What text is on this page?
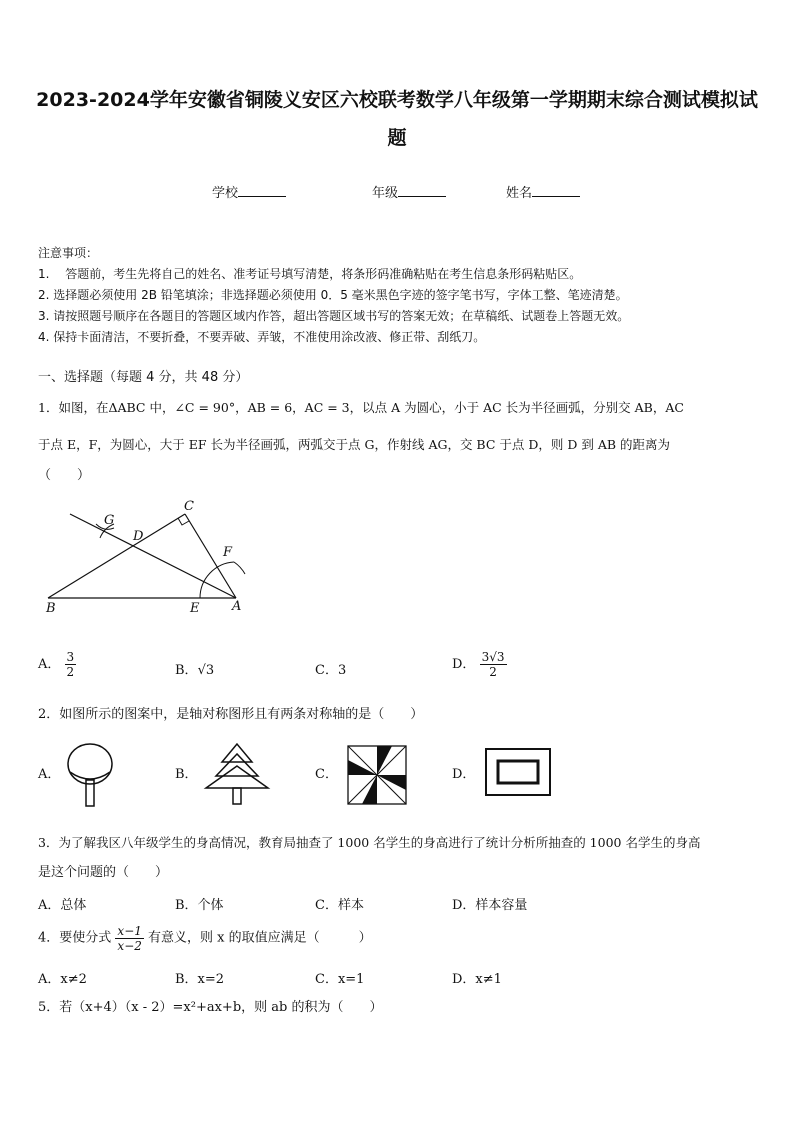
2023-2024学年安徽省铜陵义安区六校联考数学八年级第一学期期末综合测试模拟试
题
学校	年级	姓名
注意事项：
1.　 答题前，考生先将自己的姓名、准考证号填写清楚，将条形码准确粘贴在考生信息条形码粘贴区。
2. 选择题必须使用 2B 铅笔填涂；非选择题必须使用 0．5 毫米黑色字迹的签字笔书写，字体工整、笔迹清楚。
3. 请按照题号顺序在各题目的答题区域内作答，超出答题区域书写的答案无效；在草稿纸、试题卷上答题无效。
4. 保持卡面清洁，不要折叠，不要弄破、弄皱，不准使用涂改液、修正带、刮纸刀。
一、选择题（每题 4 分，共 48 分）
1．如图，在ΔABC 中，∠C = 90°，AB = 6，AC = 3，以点 A 为圆心，小于 AC 长为半径画弧，分别交 AB，AC
于点 E，F，为圆心，大于 EF 长为半径画弧，两弧交于点 G，作射线 AG，交 BC 于点 D，则 D 到 AB 的距离为
（　　）
G
C
D
F
B	E	A
A． $\frac{3}{2}$	B．√3	C．3	D． $\frac{3√3}{2}$
2．如图所示的图案中，是轴对称图形且有两条对称轴的是（　　）
A．	B．	C．	D．
3．为了解我区八年级学生的身高情况，教育局抽查了 1000 名学生的身高进行了统计分析所抽查的 1000 名学生的身高
是这个问题的（　　）
A．总体	B．个体	C．样本	D．样本容量
4．要使分式 $\frac{x-1}{x-2}$ 有意义，则 x 的取值应满足（　　　）
A．x≠2	B．x=2	C．x=1	D．x≠1
5．若（x+4）（x - 2）=x²+ax+b，则 ab 的积为（　　）
